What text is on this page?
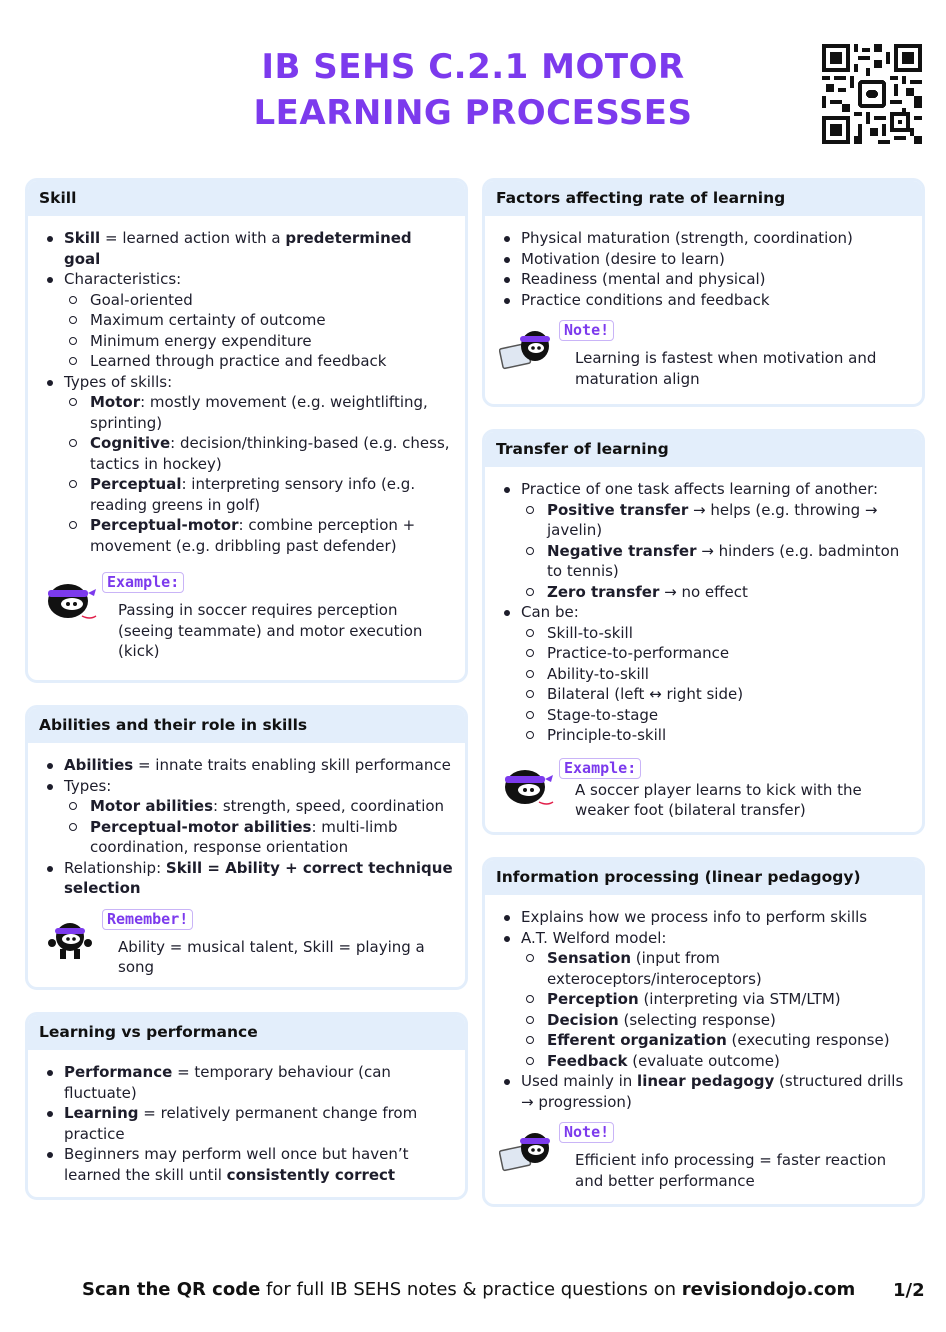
IB SEHS C.2.1 MOTOR
LEARNING PROCESSES
Skill
Skill = learned action with a predetermined goal
Characteristics:
Goal-oriented
Maximum certainty of outcome
Minimum energy expenditure
Learned through practice and feedback
Types of skills:
Motor: mostly movement (e.g. weightlifting, sprinting)
Cognitive: decision/thinking-based (e.g. chess, tactics in hockey)
Perceptual: interpreting sensory info (e.g. reading greens in golf)
Perceptual-motor: combine perception + movement (e.g. dribbling past defender)
Example:
Passing in soccer requires perception (seeing teammate) and motor execution (kick)
Abilities and their role in skills
Abilities = innate traits enabling skill performance
Types:
Motor abilities: strength, speed, coordination
Perceptual-motor abilities: multi-limb coordination, response orientation
Relationship: Skill = Ability + correct technique selection
Remember!
Ability = musical talent, Skill = playing a song
Learning vs performance
Performance = temporary behaviour (can fluctuate)
Learning = relatively permanent change from practice
Beginners may perform well once but haven’t learned the skill until consistently correct
Factors affecting rate of learning
Physical maturation (strength, coordination)
Motivation (desire to learn)
Readiness (mental and physical)
Practice conditions and feedback
Note!
Learning is fastest when motivation and maturation align
Transfer of learning
Practice of one task affects learning of another:
Positive transfer → helps (e.g. throwing → javelin)
Negative transfer → hinders (e.g. badminton to tennis)
Zero transfer → no effect
Can be:
Skill-to-skill
Practice-to-performance
Ability-to-skill
Bilateral (left ↔ right side)
Stage-to-stage
Principle-to-skill
Example:
A soccer player learns to kick with the weaker foot (bilateral transfer)
Information processing (linear pedagogy)
Explains how we process info to perform skills
A.T. Welford model:
Sensation (input from exteroceptors/interoceptors)
Perception (interpreting via STM/LTM)
Decision (selecting response)
Efferent organization (executing response)
Feedback (evaluate outcome)
Used mainly in linear pedagogy (structured drills → progression)
Note!
Efficient info processing = faster reaction and better performance
Scan the QR code for full IB SEHS notes & practice questions on revisiondojo.com	1/2
